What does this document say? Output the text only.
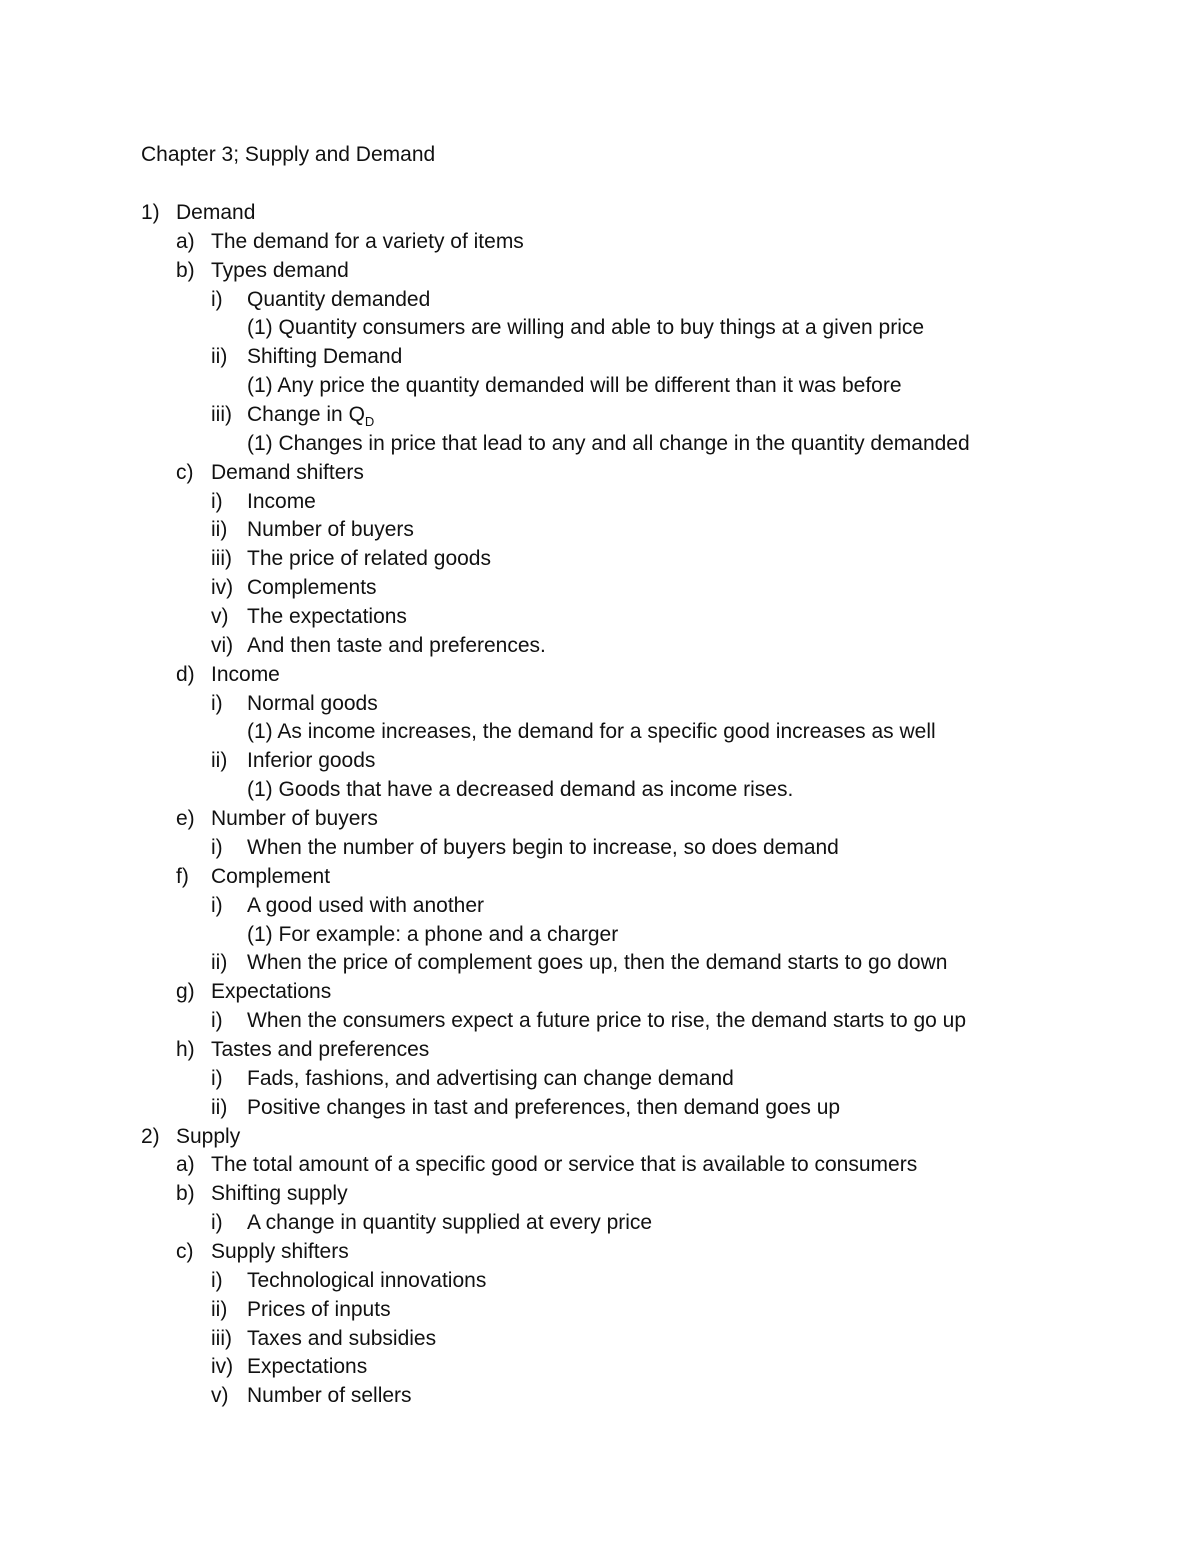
Chapter 3; Supply and Demand
1) Demand
a) The demand for a variety of items
b) Types demand
i) Quantity demanded
(1) Quantity consumers are willing and able to buy things at a given price
ii) Shifting Demand
(1) Any price the quantity demanded will be different than it was before
iii) Change in $Q_D$
(1) Changes in price that lead to any and all change in the quantity demanded
c) Demand shifters
i) Income
ii) Number of buyers
iii) The price of related goods
iv) Complements
v) The expectations
vi) And then taste and preferences.
d) Income
i) Normal goods
(1) As income increases, the demand for a specific good increases as well
ii) Inferior goods
(1) Goods that have a decreased demand as income rises.
e) Number of buyers
i) When the number of buyers begin to increase, so does demand
f) Complement
i) A good used with another
(1) For example: a phone and a charger
ii) When the price of complement goes up, then the demand starts to go down
g) Expectations
i) When the consumers expect a future price to rise, the demand starts to go up
h) Tastes and preferences
i) Fads, fashions, and advertising can change demand
ii) Positive changes in tast and preferences, then demand goes up
2) Supply
a) The total amount of a specific good or service that is available to consumers
b) Shifting supply
i) A change in quantity supplied at every price
c) Supply shifters
i) Technological innovations
ii) Prices of inputs
iii) Taxes and subsidies
iv) Expectations
v) Number of sellers
